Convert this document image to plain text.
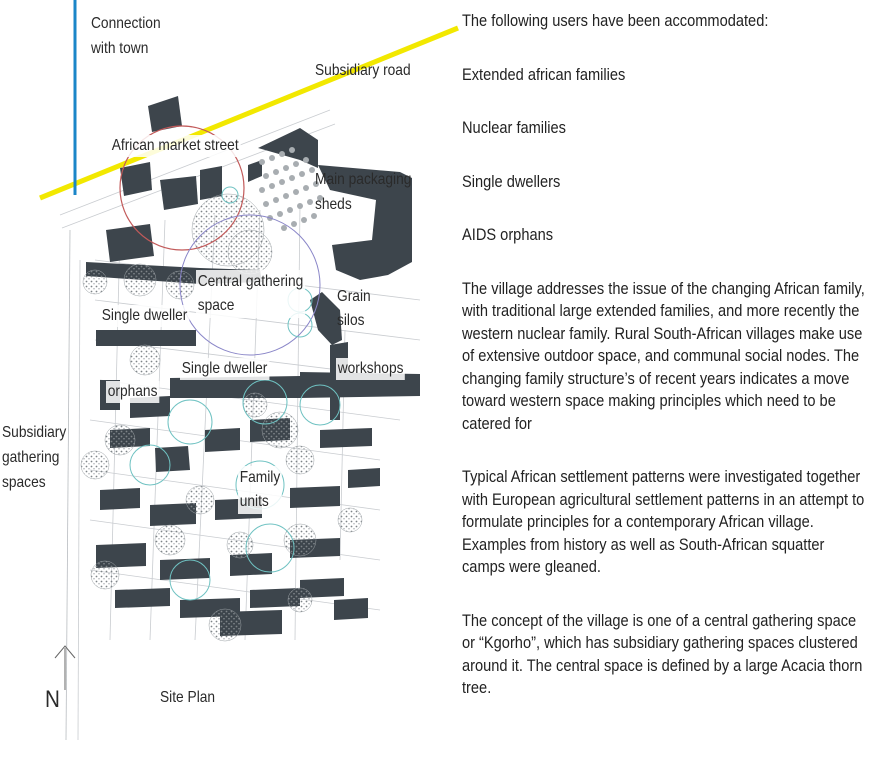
Connection
with town
Subsidiary road
African market street
Main packaging
sheds
Central gathering
space
Grain
silos
Single dweller
Single dweller	workshops
orphans
Subsidiary
gathering
spaces	Family
units
N	Site Plan

The following users have been accommodated:

Extended african families

Nuclear families

Single dwellers

AIDS orphans

The village addresses the issue of the changing African family, with traditional large extended families, and more recently the western nuclear family. Rural South-African villages make use of extensive outdoor space, and communal social nodes. The changing family structure’s of recent years indicates a move toward western space making principles which need to be catered for

Typical African settlement patterns were investigated together with European agricultural settlement patterns in an attempt to formulate principles for a contemporary African village. Examples from history as well as South-African squatter camps were gleaned.

The concept of the village is one of a central gathering space or “Kgorho”, which has subsidiary gathering spaces clustered around it. The central space is defined by a large Acacia thorn tree.
